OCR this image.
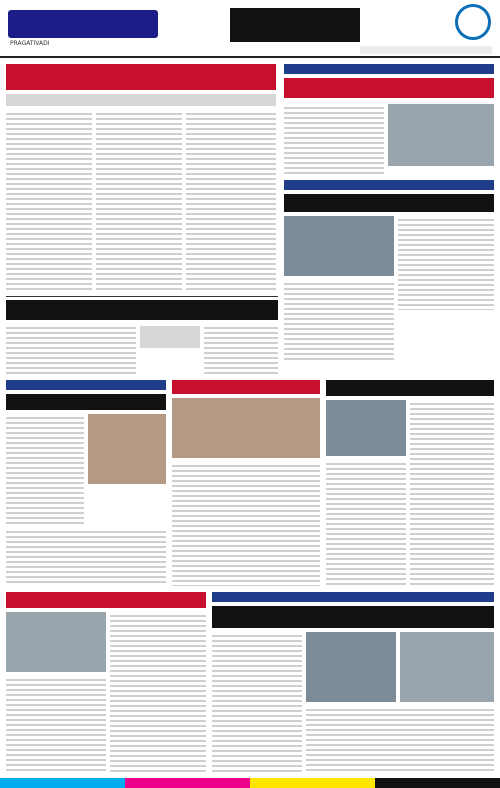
PRAGATIVADI
